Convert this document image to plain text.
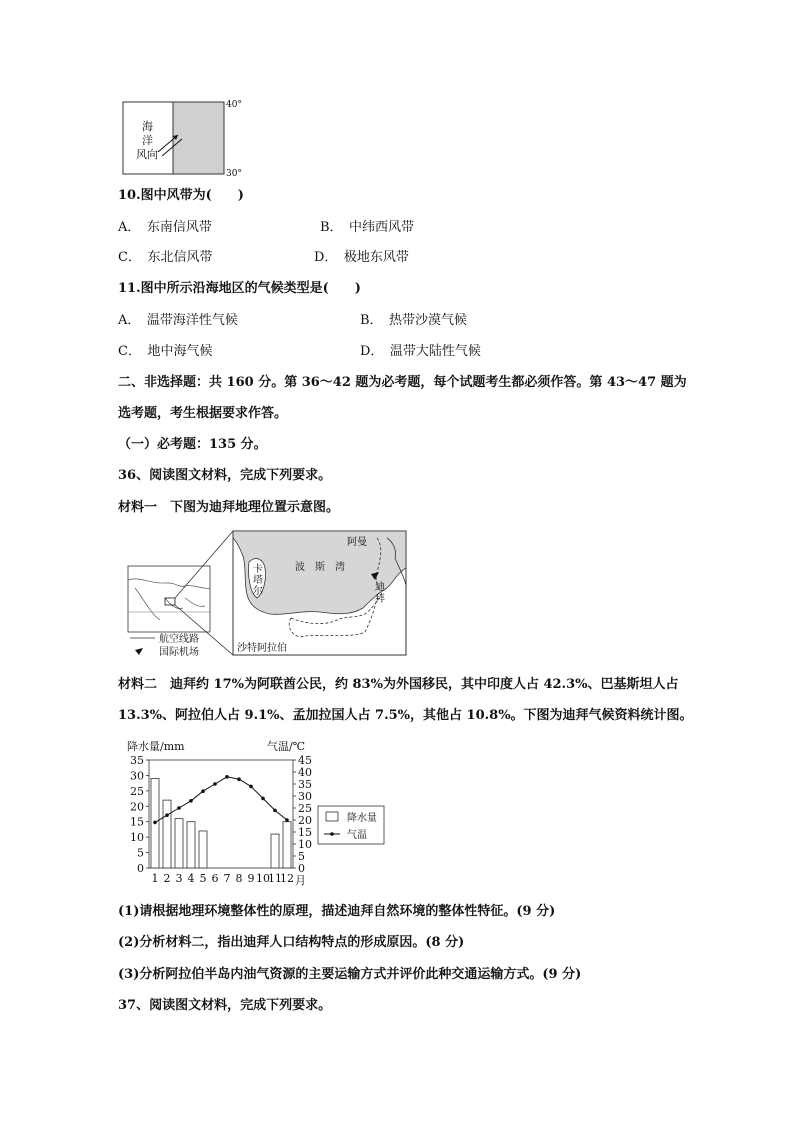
海
洋
风向
40°
30°
10.图中风带为(　　)
A．　东南信风带	B．　中纬西风带
C．　东北信风带	D．　极地东风带
11.图中所示沿海地区的气候类型是(　　)
A．　温带海洋性气候	B．　热带沙漠气候
C．　地中海气候	D．　温带大陆性气候
二、非选择题：共 160 分。第 36～42 题为必考题，每个试题考生都必须作答。第 43～47 题为
选考题，考生根据要求作答。
（一）必考题：135 分。
36、阅读图文材料，完成下列要求。
材料一　下图为迪拜地理位置示意图。
阿曼
波　斯　湾
卡
塔
尔	迪
拜
沙特阿拉伯
航空线路
国际机场
材料二　迪拜约 17%为阿联酋公民，约 83%为外国移民，其中印度人占 42.3%、巴基斯坦人占
13.3%、阿拉伯人占 9.1%、孟加拉国人占 7.5%，其他占 10.8%。下图为迪拜气候资料统计图。
降水量/mm	气温/℃
35
30
25
20
15
10
5
0
45
40
35
30
25
20
15
10
5
0
1 2 3 4 5 6 7 8 9 10
11
12 月
降水量
气温
(1)请根据地理环境整体性的原理，描述迪拜自然环境的整体性特征。(9 分)
(2)分析材料二，指出迪拜人口结构特点的形成原因。(8 分)
(3)分析阿拉伯半岛内油气资源的主要运输方式并评价此种交通运输方式。(9 分)
37、阅读图文材料，完成下列要求。
